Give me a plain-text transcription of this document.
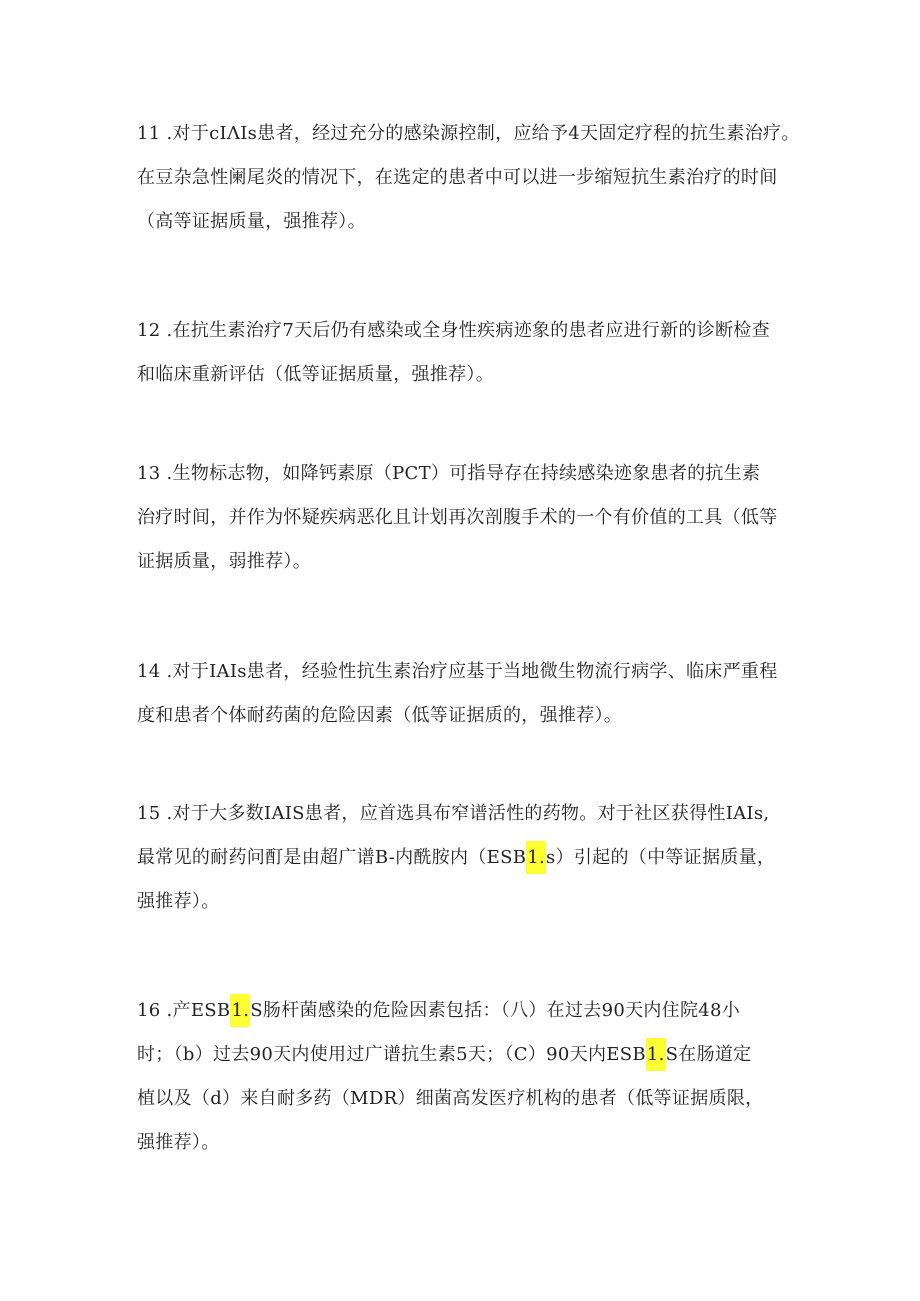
11 .对于cIΛIs患者，经过充分的感染源控制，应给予4天固定疗程的抗生素治疗。
在豆杂急性阑尾炎的情况下，在选定的患者中可以进一步缩短抗生素治疗的时间
（高等证据质量，强推荐）。
12 .在抗生素治疗7天后仍有感染或全身性疾病迹象的患者应进行新的诊断检查
和临床重新评估（低等证据质量，强推荐）。
13 .生物标志物，如降钙素原（PCT）可指导存在持续感染迹象患者的抗生素
治疗时间，并作为怀疑疾病恶化且计划再次剖腹手术的一个有价值的工具（低等
证据质量，弱推荐）。
14 .对于IAIs患者，经验性抗生素治疗应基于当地微生物流行病学、临床严重程
度和患者个体耐药菌的危险因素（低等证据质的，强推荐）。
15 .对于大多数IAIS患者，应首选具布窄谱活性的药物。对于社区获得性IAIs,
最常见的耐药问酊是由超广谱B-内酰胺内（ESB1.s）引起的（中等证据质量，
强推荐）。
16 .产ESB1.S肠杆菌感染的危险因素包括：（八）在过去90天内住院48小
时；（b）过去90天内使用过广谱抗生素5天；（C）90天内ESB1.S在肠道定
植以及（d）来自耐多药（MDR）细菌高发医疗机构的患者（低等证据质限，
强推荐）。
